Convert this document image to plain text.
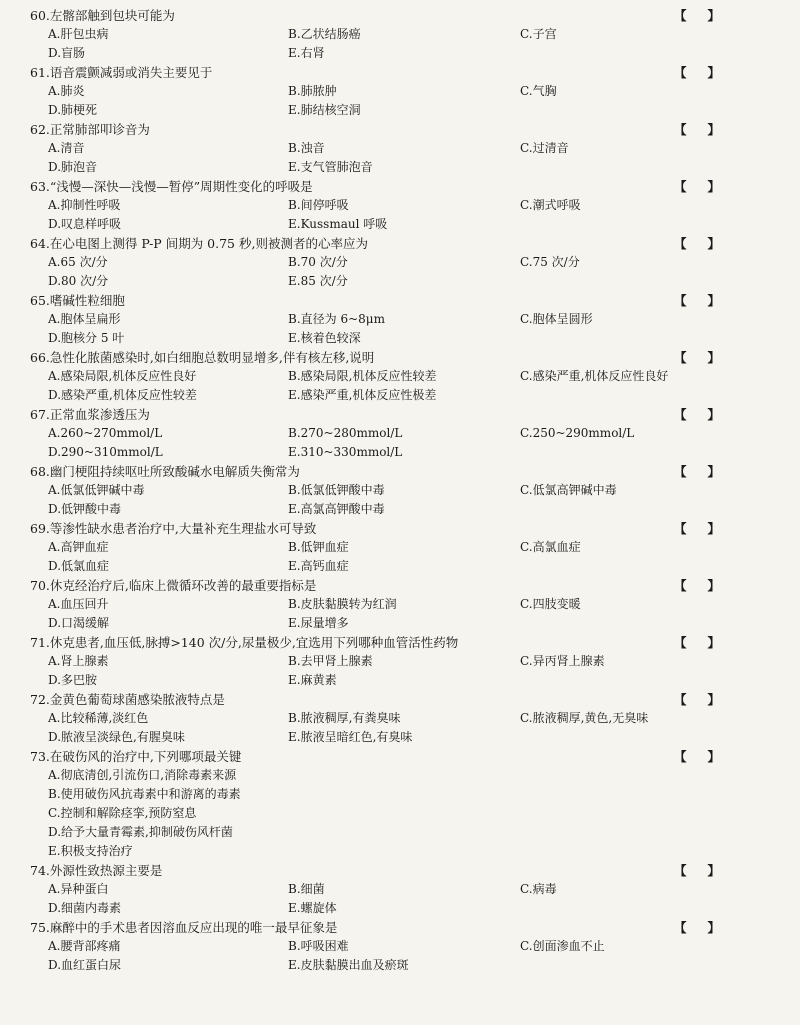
60.左髂部触到包块可能为	【 】
A.肝包虫病	B.乙状结肠癌	C.子宫
D.盲肠	E.右肾
61.语音震颤减弱或消失主要见于	【 】
A.肺炎	B.肺脓肿	C.气胸
D.肺梗死	E.肺结核空洞
62.正常肺部叩诊音为	【 】
A.清音	B.浊音	C.过清音
D.肺泡音	E.支气管肺泡音
63.“浅慢—深快—浅慢—暂停”周期性变化的呼吸是	【 】
A.抑制性呼吸	B.间停呼吸	C.潮式呼吸
D.叹息样呼吸	E.Kussmaul 呼吸
64.在心电图上测得 P-P 间期为 0.75 秒,则被测者的心率应为	【 】
A.65 次/分	B.70 次/分	C.75 次/分
D.80 次/分	E.85 次/分
65.嗜碱性粒细胞	【 】
A.胞体呈扁形	B.直径为 6~8μm	C.胞体呈圆形
D.胞核分 5 叶	E.核着色较深
66.急性化脓菌感染时,如白细胞总数明显增多,伴有核左移,说明	【 】
A.感染局限,机体反应性良好	B.感染局限,机体反应性较差	C.感染严重,机体反应性良好
D.感染严重,机体反应性较差	E.感染严重,机体反应性极差
67.正常血浆渗透压为	【 】
A.260~270mmol/L	B.270~280mmol/L	C.250~290mmol/L
D.290~310mmol/L	E.310~330mmol/L
68.幽门梗阻持续呕吐所致酸碱水电解质失衡常为	【 】
A.低氯低钾碱中毒	B.低氯低钾酸中毒	C.低氯高钾碱中毒
D.低钾酸中毒	E.高氯高钾酸中毒
69.等渗性缺水患者治疗中,大量补充生理盐水可导致	【 】
A.高钾血症	B.低钾血症	C.高氯血症
D.低氯血症	E.高钙血症
70.休克经治疗后,临床上微循环改善的最重要指标是	【 】
A.血压回升	B.皮肤黏膜转为红润	C.四肢变暖
D.口渴缓解	E.尿量增多
71.休克患者,血压低,脉搏>140 次/分,尿量极少,宜选用下列哪种血管活性药物	【 】
A.肾上腺素	B.去甲肾上腺素	C.异丙肾上腺素
D.多巴胺	E.麻黄素
72.金黄色葡萄球菌感染脓液特点是	【 】
A.比较稀薄,淡红色	B.脓液稠厚,有粪臭味	C.脓液稠厚,黄色,无臭味
D.脓液呈淡绿色,有腥臭味	E.脓液呈暗红色,有臭味
73.在破伤风的治疗中,下列哪项最关键	【 】
A.彻底清创,引流伤口,消除毒素来源
B.使用破伤风抗毒素中和游离的毒素
C.控制和解除痉挛,预防窒息
D.给予大量青霉素,抑制破伤风杆菌
E.积极支持治疗
74.外源性致热源主要是	【 】
A.异种蛋白	B.细菌	C.病毒
D.细菌内毒素	E.螺旋体
75.麻醉中的手术患者因溶血反应出现的唯一最早征象是	【 】
A.腰背部疼痛	B.呼吸困难	C.创面渗血不止
D.血红蛋白尿	E.皮肤黏膜出血及瘀斑
